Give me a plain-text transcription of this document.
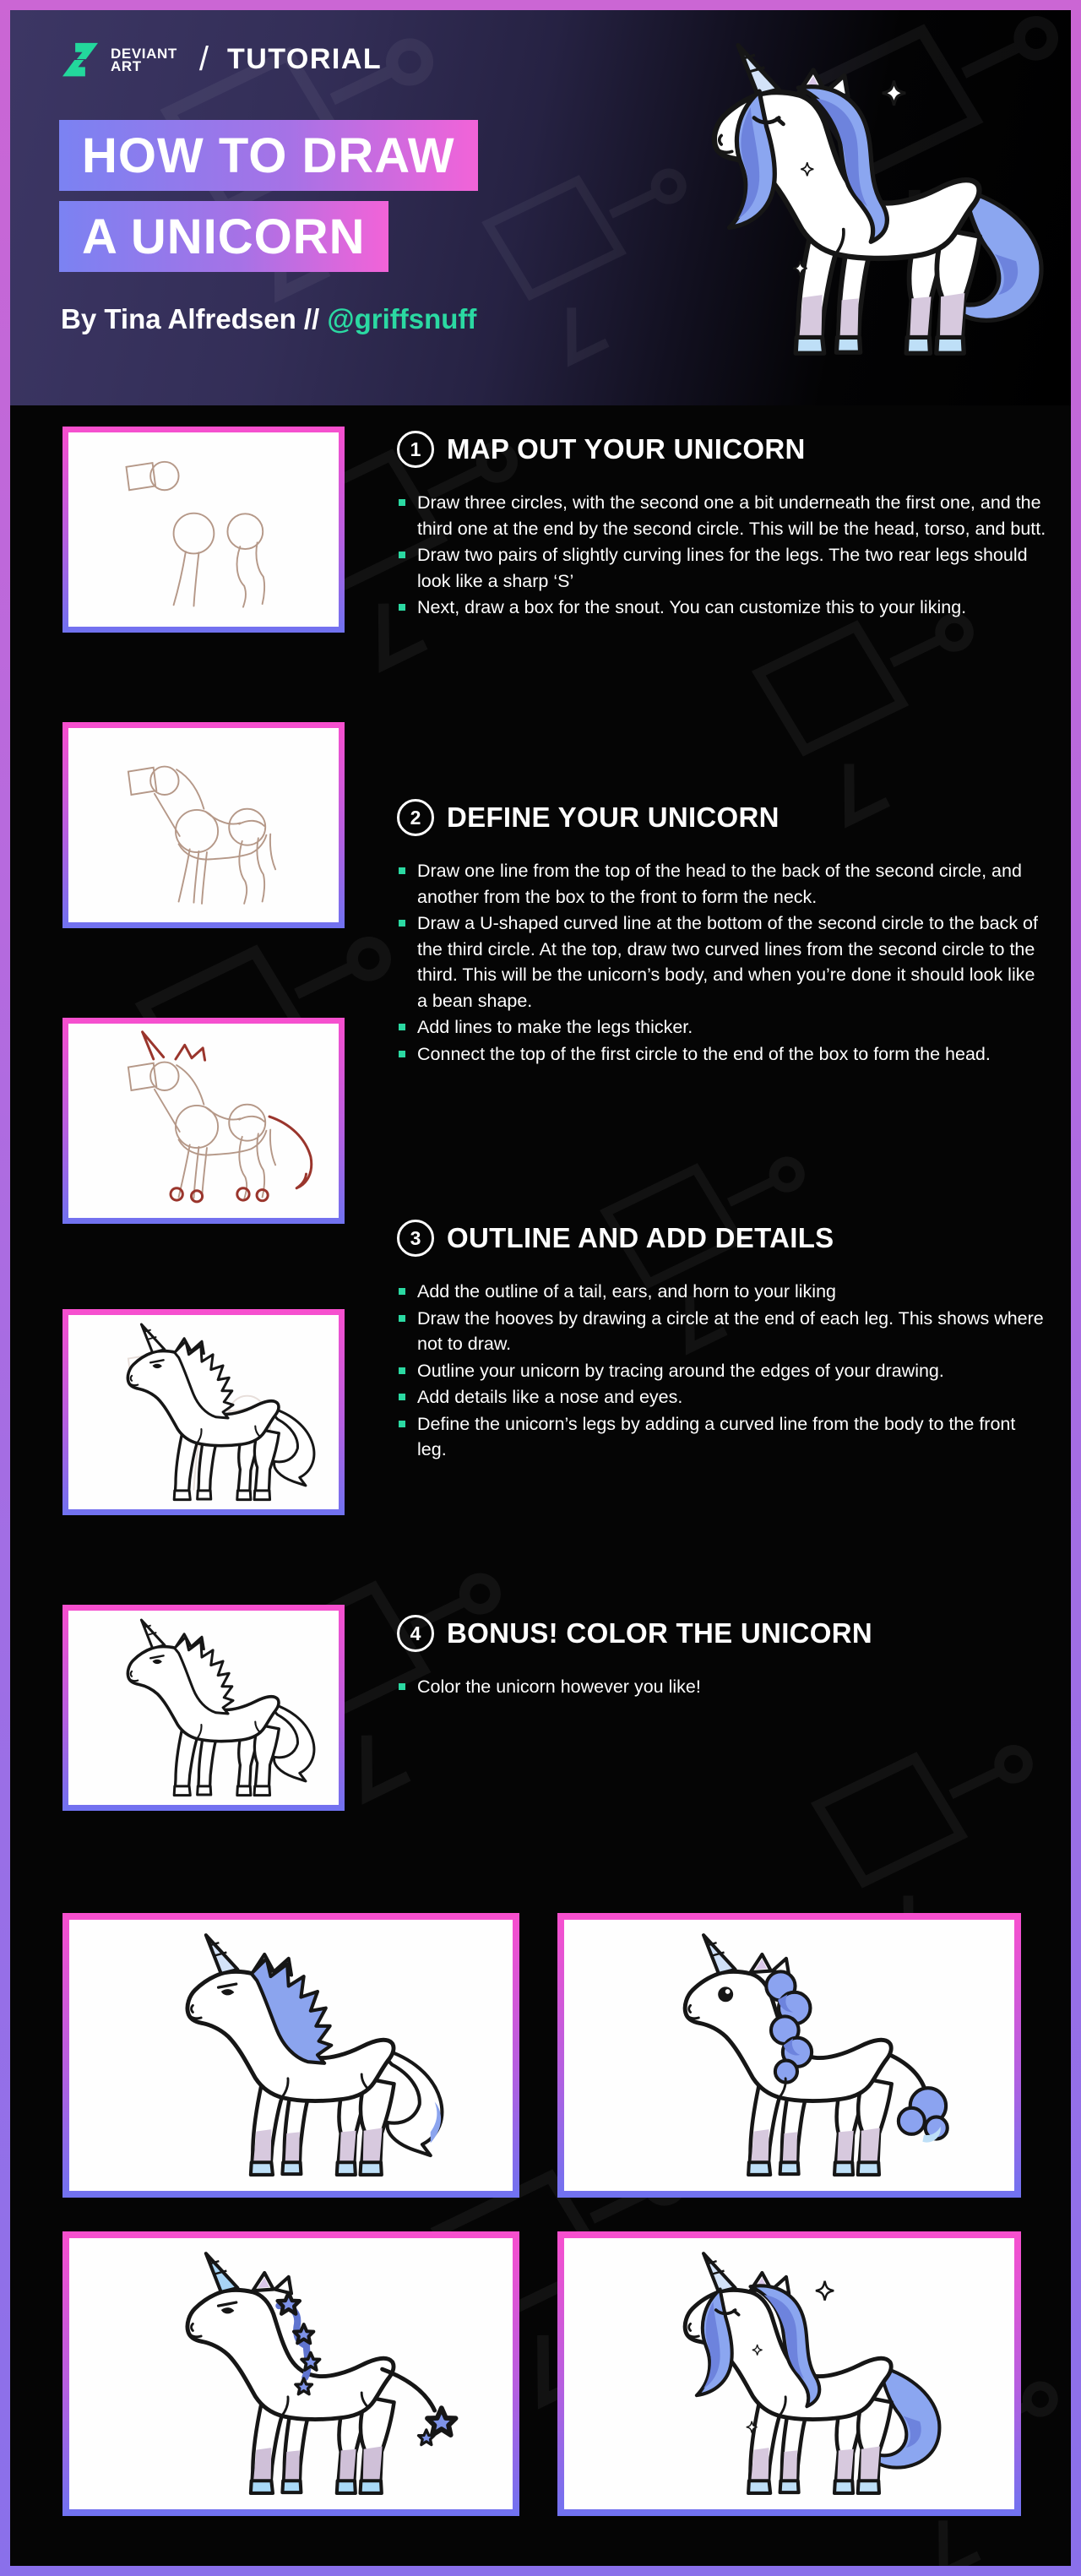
DEVIANT
ART	/ TUTORIAL
HOW TO DRAW
A UNICORN
By Tina Alfredsen // @griffsnuff
1 MAP OUT YOUR UNICORN
Draw three circles, with the second one a bit underneath the first one, and the third one at the end by the second circle. This will be the head, torso, and butt.
Draw two pairs of slightly curving lines for the legs. The two rear legs should look like a sharp ‘S’
Next, draw a box for the snout. You can customize this to your liking.
2 DEFINE YOUR UNICORN
Draw one line from the top of the head to the back of the second circle, and another from the box to the front to form the neck.
Draw a U-shaped curved line at the bottom of the second circle to the back of the third circle. At the top, draw two curved lines from the second circle to the third. This will be the unicorn’s body, and when you’re done it should look like a bean shape.
Add lines to make the legs thicker.
Connect the top of the first circle to the end of the box to form the head.
3 OUTLINE AND ADD DETAILS
Add the outline of a tail, ears, and horn to your liking
Draw the hooves by drawing a circle at the end of each leg. This shows where not to draw.
Outline your unicorn by tracing around the edges of your drawing.
Add details like a nose and eyes.
Define the unicorn’s legs by adding a curved line from the body to the front leg.
4 BONUS! COLOR THE UNICORN
Color the unicorn however you like!
